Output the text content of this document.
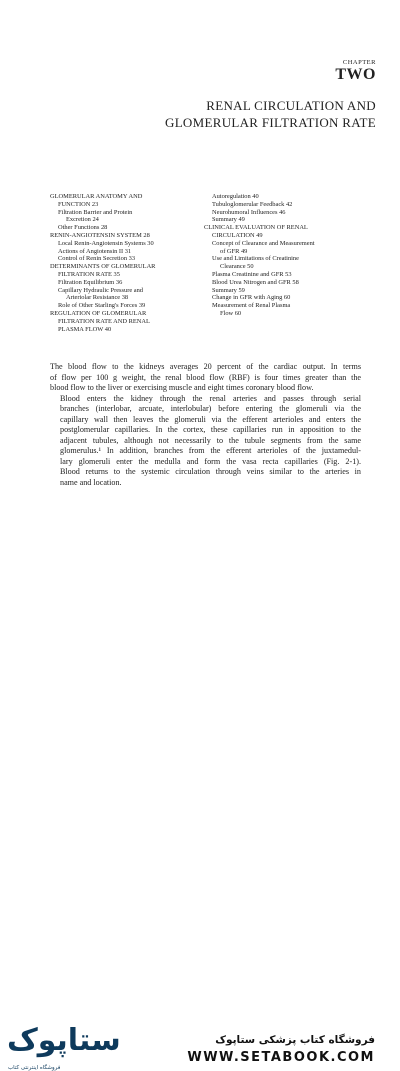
CHAPTER
TWO
RENAL CIRCULATION AND
GLOMERULAR FILTRATION RATE
GLOMERULAR ANATOMY AND
FUNCTION 23
Filtration Barrier and Protein
Excretion 24
Other Functions 28
RENIN-ANGIOTENSIN SYSTEM 28
Local Renin-Angiotensin Systems 30
Actions of Angiotensin II 31
Control of Renin Secretion 33
DETERMINANTS OF GLOMERULAR
FILTRATION RATE 35
Filtration Equilibrium 36
Capillary Hydraulic Pressure and
Arteriolar Resistance 38
Role of Other Starling's Forces 39
REGULATION OF GLOMERULAR
FILTRATION RATE AND RENAL
PLASMA FLOW 40
Autoregulation 40
Tubuloglomerular Feedback 42
Neurohumoral Influences 46
Summary 49
CLINICAL EVALUATION OF RENAL
CIRCULATION 49
Concept of Clearance and Measurement
of GFR 49
Use and Limitations of Creatinine
Clearance 50
Plasma Creatinine and GFR 53
Blood Urea Nitrogen and GFR 58
Summary 59
Change in GFR with Aging 60
Measurement of Renal Plasma
Flow 60

The blood flow to the kidneys averages 20 percent of the cardiac output. In terms
of flow per 100 g weight, the renal blood flow (RBF) is four times greater than the
blood flow to the liver or exercising muscle and eight times coronary blood flow.

Blood enters the kidney through the renal arteries and passes through serial
branches (interlobar, arcuate, interlobular) before entering the glomeruli via the
capillary wall then leaves the glomeruli via the efferent arterioles and enters the
postglomerular capillaries. In the cortex, these capillaries run in apposition to the
adjacent tubules, although not necessarily to the tubule segments from the same
glomerulus.¹ In addition, branches from the efferent arterioles of the juxtamedul-
lary glomeruli enter the medulla and form the vasa recta capillaries (Fig. 2-1).
Blood returns to the systemic circulation through veins similar to the arteries in
name and location.

ستاپوک
فروشگاه اینترنتی کتاب
فروشگاه کتاب پزشکی ستاپوک
WWW.SETABOOK.COM
